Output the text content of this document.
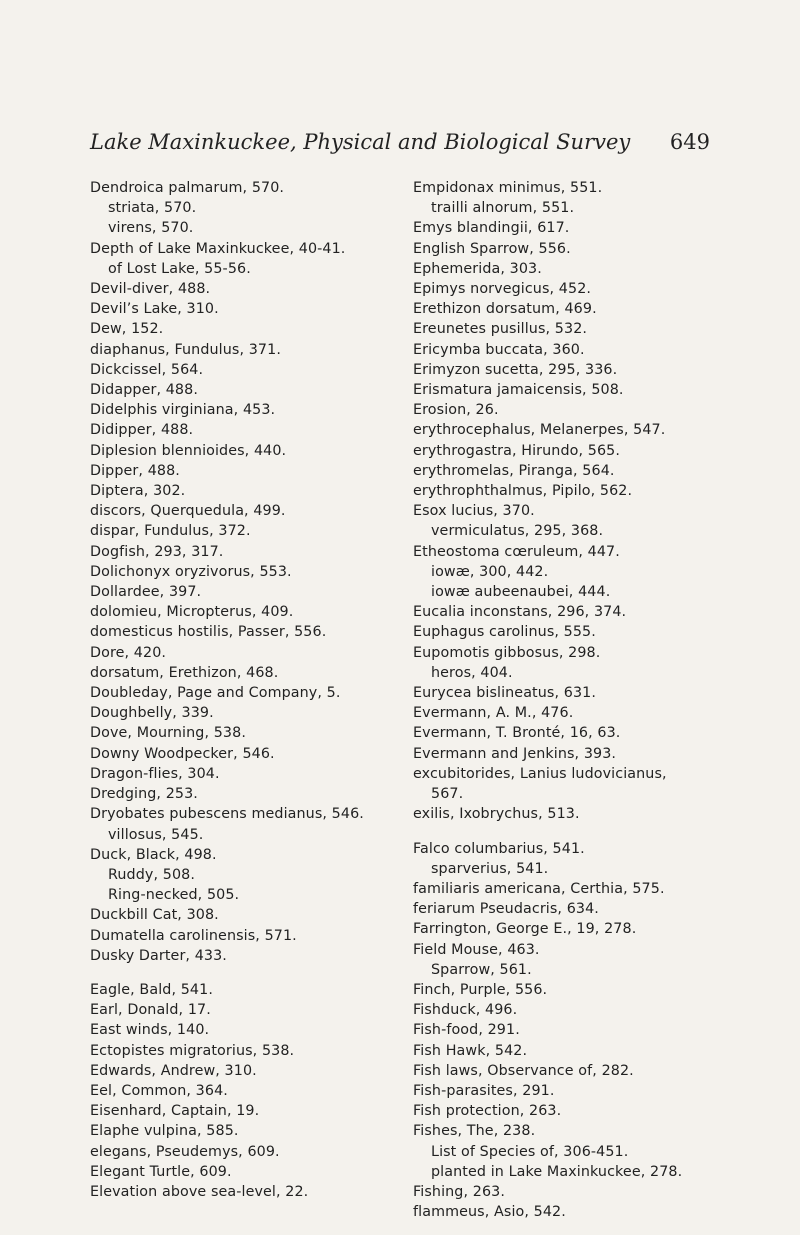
Lake Maxinkuckee, Physical and Biological Survey 649
Dendroica palmarum, 570.
striata, 570.
virens, 570.
Depth of Lake Maxinkuckee, 40-41.
of Lost Lake, 55-56.
Devil-diver, 488.
Devil’s Lake, 310.
Dew, 152.
diaphanus, Fundulus, 371.
Dickcissel, 564.
Didapper, 488.
Didelphis virginiana, 453.
Didipper, 488.
Diplesion blennioides, 440.
Dipper, 488.
Diptera, 302.
discors, Querquedula, 499.
dispar, Fundulus, 372.
Dogfish, 293, 317.
Dolichonyx oryzivorus, 553.
Dollardee, 397.
dolomieu, Micropterus, 409.
domesticus hostilis, Passer, 556.
Dore, 420.
dorsatum, Erethizon, 468.
Doubleday, Page and Company, 5.
Doughbelly, 339.
Dove, Mourning, 538.
Downy Woodpecker, 546.
Dragon-flies, 304.
Dredging, 253.
Dryobates pubescens medianus, 546.
villosus, 545.
Duck, Black, 498.
Ruddy, 508.
Ring-necked, 505.
Duckbill Cat, 308.
Dumatella carolinensis, 571.
Dusky Darter, 433.
Eagle, Bald, 541.
Earl, Donald, 17.
East winds, 140.
Ectopistes migratorius, 538.
Edwards, Andrew, 310.
Eel, Common, 364.
Eisenhard, Captain, 19.
Elaphe vulpina, 585.
elegans, Pseudemys, 609.
Elegant Turtle, 609.
Elevation above sea-level, 22.
Empidonax minimus, 551.
trailli alnorum, 551.
Emys blandingii, 617.
English Sparrow, 556.
Ephemerida, 303.
Epimys norvegicus, 452.
Erethizon dorsatum, 469.
Ereunetes pusillus, 532.
Ericymba buccata, 360.
Erimyzon sucetta, 295, 336.
Erismatura jamaicensis, 508.
Erosion, 26.
erythrocephalus, Melanerpes, 547.
erythrogastra, Hirundo, 565.
erythromelas, Piranga, 564.
erythrophthalmus, Pipilo, 562.
Esox lucius, 370.
vermiculatus, 295, 368.
Etheostoma cœruleum, 447.
iowæ, 300, 442.
iowæ aubeenaubei, 444.
Eucalia inconstans, 296, 374.
Euphagus carolinus, 555.
Eupomotis gibbosus, 298.
heros, 404.
Eurycea bislineatus, 631.
Evermann, A. M., 476.
Evermann, T. Bronté, 16, 63.
Evermann and Jenkins, 393.
excubitorides, Lanius ludovicianus,
567.
exilis, Ixobrychus, 513.
Falco columbarius, 541.
sparverius, 541.
familiaris americana, Certhia, 575.
feriarum Pseudacris, 634.
Farrington, George E., 19, 278.
Field Mouse, 463.
Sparrow, 561.
Finch, Purple, 556.
Fishduck, 496.
Fish-food, 291.
Fish Hawk, 542.
Fish laws, Observance of, 282.
Fish-parasites, 291.
Fish protection, 263.
Fishes, The, 238.
List of Species of, 306-451.
planted in Lake Maxinkuckee, 278.
Fishing, 263.
flammeus, Asio, 542.
